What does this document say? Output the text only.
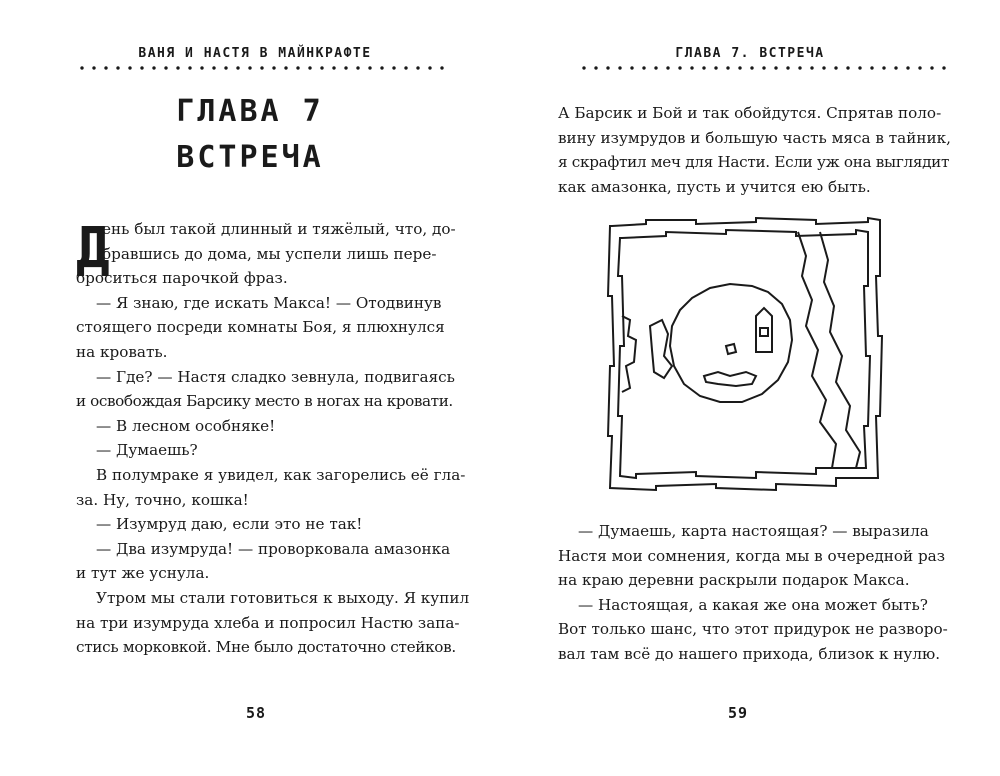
ВАНЯ И НАСТЯ В МАЙНКРАФТЕ
ГЛАВА 7
ВСТРЕЧА
Д
ень был такой длинный и тяжёлый, что, до-
бравшись до дома, мы успели лишь пере-
броситься парочкой фраз.
— Я знаю, где искать Макса! — Отодвинув
стоящего посреди комнаты Боя, я плюхнулся
на кровать.
— Где? — Настя сладко зевнула, подвигаясь
и освобождая Барсику место в ногах на кровати.
— В лесном особняке!
— Думаешь?
В полумраке я увидел, как загорелись её гла-
за. Ну, точно, кошка!
— Изумруд даю, если это не так!
— Два изумруда! — проворковала амазонка
и тут же уснула.
Утром мы стали готовиться к выходу. Я купил
на три изумруда хлеба и попросил Настю запа-
стись морковкой. Мне было достаточно стейков.
58
ГЛАВА 7. ВСТРЕЧА
А Барсик и Бой и так обойдутся. Спрятав поло-
вину изумрудов и большую часть мяса в тайник,
я скрафтил меч для Насти. Если уж она выглядит
как амазонка, пусть и учится ею быть.
— Думаешь, карта настоящая? — выразила
Настя мои сомнения, когда мы в очередной раз
на краю деревни раскрыли подарок Макса.
— Настоящая, а какая же она может быть?
Вот только шанс, что этот придурок не разворо-
вал там всё до нашего прихода, близок к нулю.
59
